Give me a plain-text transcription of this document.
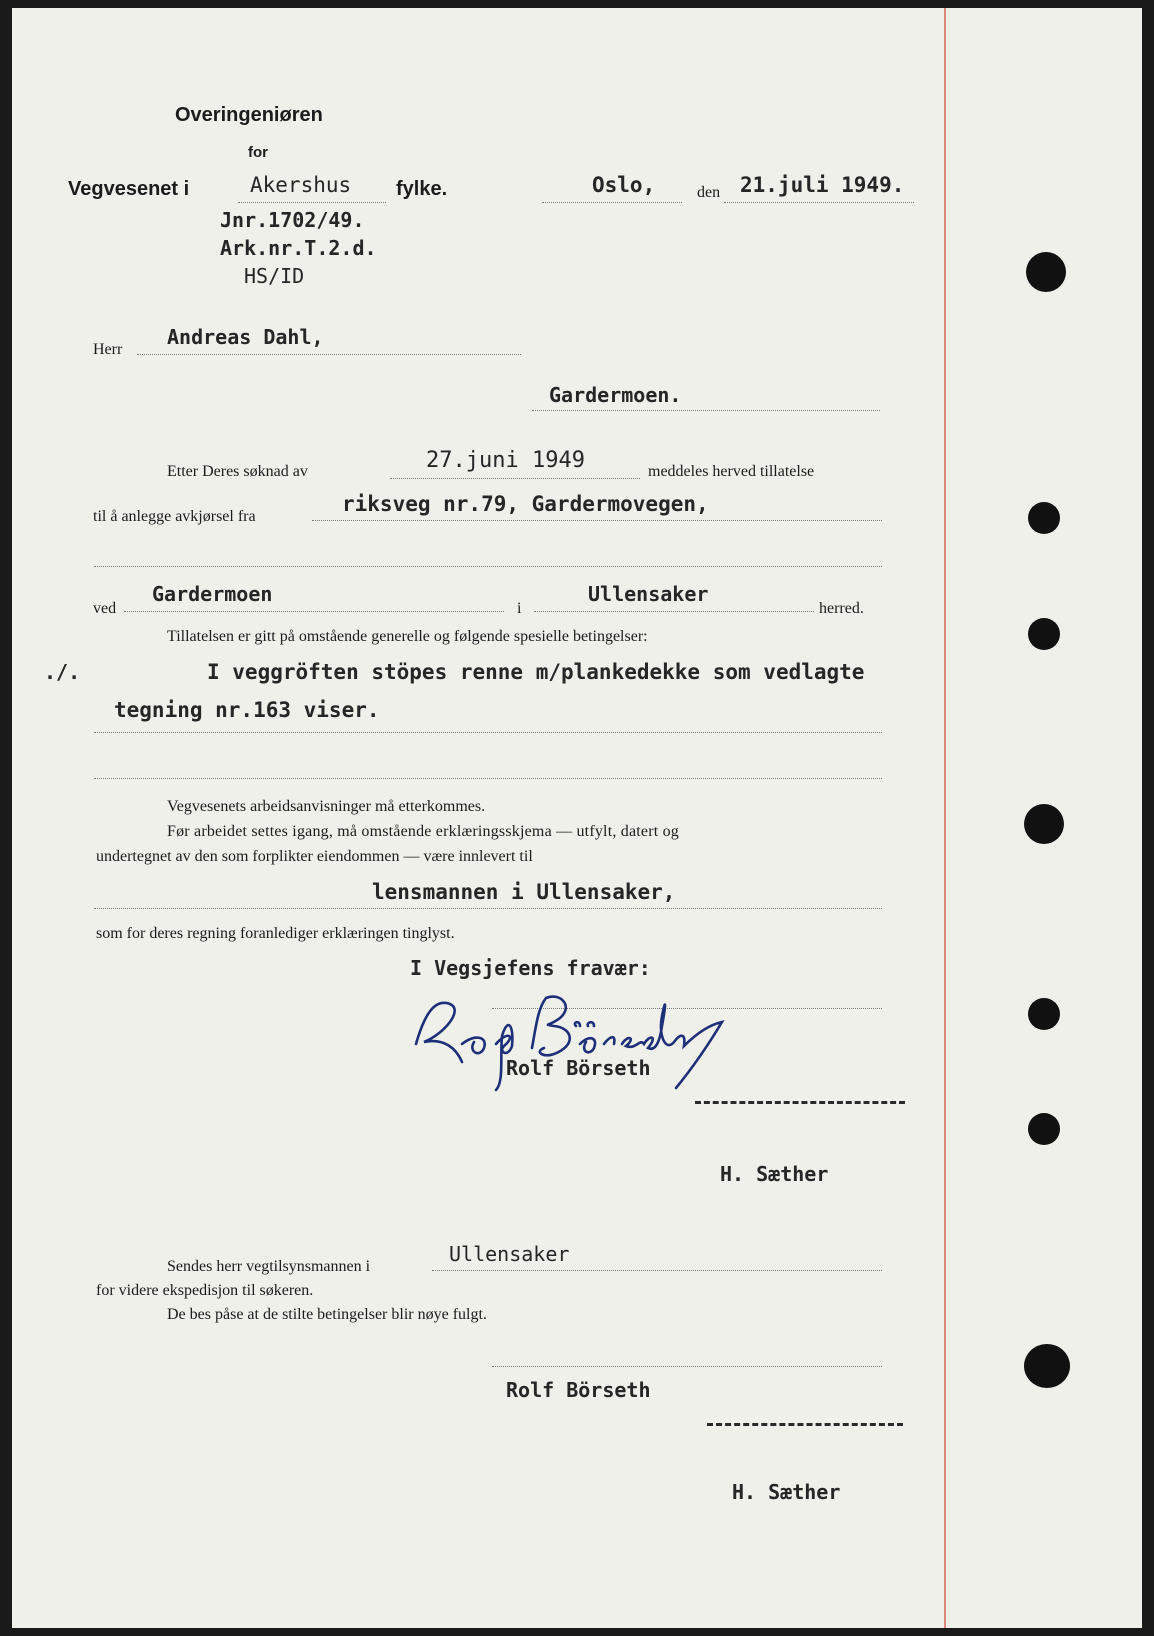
Overingeniøren
for
Vegvesenet i	Akershus fylke.	Oslo,	den 21.juli 1949.
Jnr.1702/49.
Ark.nr.T.2.d.
HS/ID
Herr
Andreas Dahl,
Gardermoen.
Etter Deres søknad av	27.juni 1949	meddeles herved tillatelse
til å anlegge avkjørsel fra
riksveg nr.79, Gardermovegen,
ved
Gardermoen
i
Ullensaker
herred.
Tillatelsen er gitt på omstående generelle og følgende spesielle betingelser:
./.	I veggröften stöpes renne m/plankedekke som vedlagte
tegning nr.163 viser.
Vegvesenets arbeidsanvisninger må etterkommes.
Før arbeidet settes igang, må omstående erklæringsskjema — utfylt, datert og
undertegnet av den som forplikter eiendommen — være innlevert til
lensmannen i Ullensaker,
som for deres regning foranlediger erklæringen tinglyst.
I Vegsjefens fravær:
Rolf Börseth
H. Sæther
Sendes herr vegtilsynsmannen i
Ullensaker
for videre ekspedisjon til søkeren.
De bes påse at de stilte betingelser blir nøye fulgt.
Rolf Börseth
H. Sæther
